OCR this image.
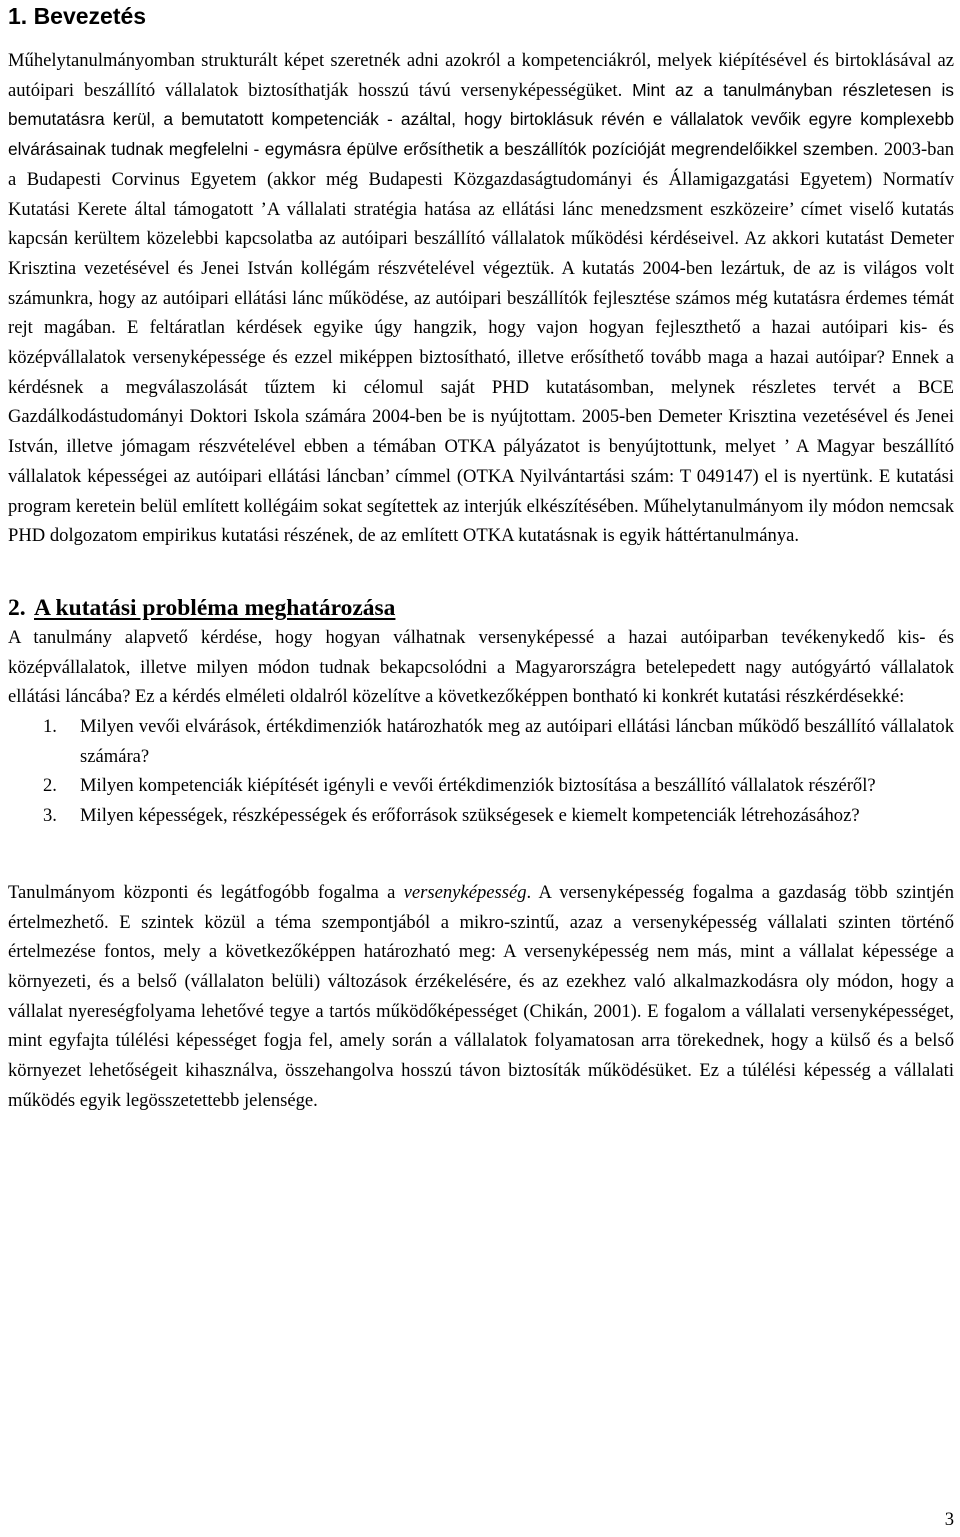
1. Bevezetés

Műhelytanulmányomban strukturált képet szeretnék adni azokról a kompetenciákról, melyek kiépítésével és birtoklásával az autóipari beszállító vállalatok biztosíthatják hosszú távú versenyképességüket. Mint az a tanulmányban részletesen is bemutatásra kerül, a bemutatott kompetenciák - azáltal, hogy birtoklásuk révén e vállalatok vevőik egyre komplexebb elvárásainak tudnak megfelelni - egymásra épülve erősíthetik a beszállítók pozícióját megrendelőikkel szemben. 2003-ban a Budapesti Corvinus Egyetem (akkor még Budapesti Közgazdaságtudományi és Államigazgatási Egyetem) Normatív Kutatási Kerete által támogatott ’A vállalati stratégia hatása az ellátási lánc menedzsment eszközeire’ címet viselő kutatás kapcsán kerültem közelebbi kapcsolatba az autóipari beszállító vállalatok működési kérdéseivel. Az akkori kutatást Demeter Krisztina vezetésével és Jenei István kollégám részvételével végeztük. A kutatás 2004-ben lezártuk, de az is világos volt számunkra, hogy az autóipari ellátási lánc működése, az autóipari beszállítók fejlesztése számos még kutatásra érdemes témát rejt magában. E feltáratlan kérdések egyike úgy hangzik, hogy vajon hogyan fejleszthető a hazai autóipari kis- és középvállalatok versenyképessége és ezzel miképpen biztosítható, illetve erősíthető tovább maga a hazai autóipar? Ennek a kérdésnek a megválaszolását tűztem ki célomul saját PHD kutatásomban, melynek részletes tervét a BCE Gazdálkodástudományi Doktori Iskola számára 2004-ben be is nyújtottam. 2005-ben Demeter Krisztina vezetésével és Jenei István, illetve jómagam részvételével ebben a témában OTKA pályázatot is benyújtottunk, melyet ’ A Magyar beszállító vállalatok képességei az autóipari ellátási láncban’ címmel (OTKA Nyilvántartási szám: T 049147) el is nyertünk. E kutatási program keretein belül említett kollégáim sokat segítettek az interjúk elkészítésében. Műhelytanulmányom ily módon nemcsak PHD dolgozatom empirikus kutatási részének, de az említett OTKA kutatásnak is egyik háttértanulmánya.

2. A kutatási probléma meghatározása

A tanulmány alapvető kérdése, hogy hogyan válhatnak versenyképessé a hazai autóiparban tevékenykedő kis- és középvállalatok, illetve milyen módon tudnak bekapcsolódni a Magyarországra betelepedett nagy autógyártó vállalatok ellátási láncába? Ez a kérdés elméleti oldalról közelítve a következőképpen bontható ki konkrét kutatási részkérdésekké:

1. Milyen vevői elvárások, értékdimenziók határozhatók meg az autóipari ellátási láncban működő beszállító vállalatok számára?
2. Milyen kompetenciák kiépítését igényli e vevői értékdimenziók biztosítása a beszállító vállalatok részéről?
3. Milyen képességek, részképességek és erőforrások szükségesek e kiemelt kompetenciák létrehozásához?

Tanulmányom központi és legátfogóbb fogalma a versenyképesség. A versenyképesség fogalma a gazdaság több szintjén értelmezhető. E szintek közül a téma szempontjából a mikro-szintű, azaz a versenyképesség vállalati szinten történő értelmezése fontos, mely a következőképpen határozható meg: A versenyképesség nem más, mint a vállalat képessége a környezeti, és a belső (vállalaton belüli) változások érzékelésére, és az ezekhez való alkalmazkodásra oly módon, hogy a vállalat nyereségfolyama lehetővé tegye a tartós működőképességet (Chikán, 2001). E fogalom a vállalati versenyképességet, mint egyfajta túlélési képességet fogja fel, amely során a vállalatok folyamatosan arra törekednek, hogy a külső és a belső környezet lehetőségeit kihasználva, összehangolva hosszú távon biztosíták működésüket. Ez a túlélési képesség a vállalati működés egyik legösszetettebb jelensége.

3
